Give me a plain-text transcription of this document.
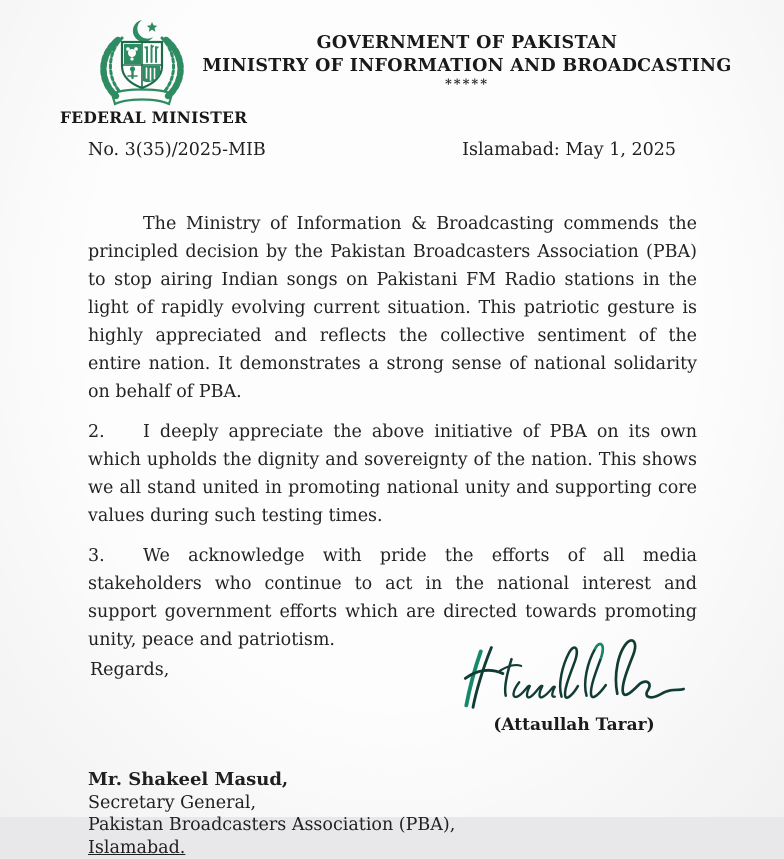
FEDERAL MINISTER
GOVERNMENT OF PAKISTAN
MINISTRY OF INFORMATION AND BROADCASTING
*****
No. 3(35)/2025-MIB	Islamabad: May 1, 2025

The Ministry of Information & Broadcasting commends the principled decision by the Pakistan Broadcasters Association (PBA) to stop airing Indian songs on Pakistani FM Radio stations in the light of rapidly evolving current situation. This patriotic gesture is highly appreciated and reflects the collective sentiment of the entire nation. It demonstrates a strong sense of national solidarity on behalf of PBA.

2. I deeply appreciate the above initiative of PBA on its own which upholds the dignity and sovereignty of the nation. This shows we all stand united in promoting national unity and supporting core values during such testing times.

3. We acknowledge with pride the efforts of all media stakeholders who continue to act in the national interest and support government efforts which are directed towards promoting unity, peace and patriotism.

Regards,
(Attaullah Tarar)
Mr. Shakeel Masud,
Secretary General,
Pakistan Broadcasters Association (PBA),
Islamabad.
